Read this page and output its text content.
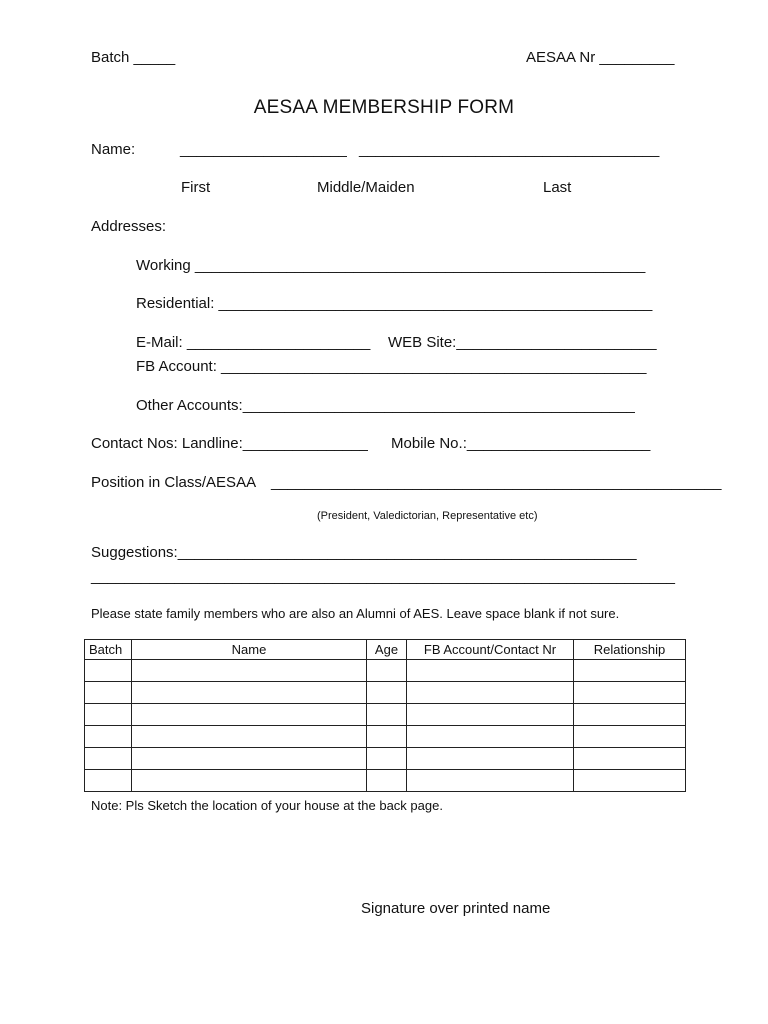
Batch _____	AESAA Nr _________
AESAA MEMBERSHIP FORM
Name:	____________________ ____________________________________
First	Middle/Maiden	Last
Addresses:
Working ______________________________________________________
Residential: ____________________________________________________
E-Mail: ______________________ WEB Site:________________________
FB Account: ___________________________________________________
Other Accounts:_______________________________________________
Contact Nos: Landline:_______________ Mobile No.:______________________
Position in Class/AESAA ______________________________________________________
(President, Valedictorian, Representative etc)
Suggestions:_______________________________________________________
______________________________________________________________________
Please state family members who are also an Alumni of AES. Leave space blank if not sure.
Batch	Name	Age	FB Account/Contact Nr	Relationship

Note: Pls Sketch the location of your house at the back page.
Signature over printed name
